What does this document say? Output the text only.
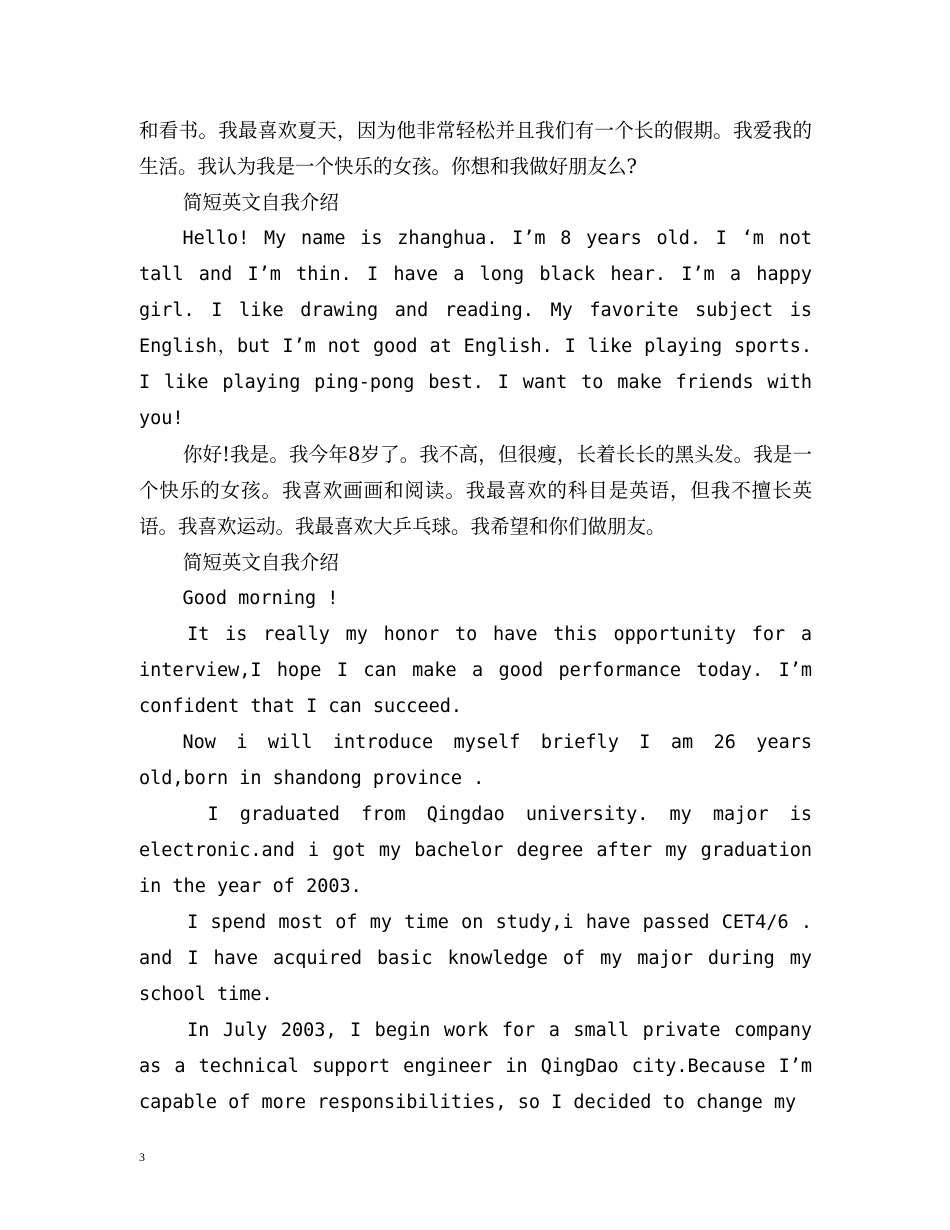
和看书。我最喜欢夏天，因为他非常轻松并且我们有一个长的假期。我爱我的生活。我认为我是一个快乐的女孩。你想和我做好朋友么?

简短英文自我介绍

Hello! My name is zhanghua. I’m 8 years old. I ‘m not tall and I’m thin. I have a long black hear. I’m a happy girl. I like drawing and reading. My favorite subject is English，but I’m not good at English. I like playing sports. I like playing ping-pong best. I want to make friends with you!

你好!我是。我今年8岁了。我不高，但很瘦，长着长长的黑头发。我是一个快乐的女孩。我喜欢画画和阅读。我最喜欢的科目是英语，但我不擅长英语。我喜欢运动。我最喜欢大乒乓球。我希望和你们做朋友。

简短英文自我介绍

Good morning !

It is really my honor to have this opportunity for a interview,I hope I can make a good performance today. I’m confident that I can succeed.

Now i will introduce myself briefly I am 26 years old,born in shandong province .

I graduated from Qingdao university. my major is electronic.and i got my bachelor degree after my graduation in the year of 2003.

I spend most of my time on study,i have passed CET4/6 . and I have acquired basic knowledge of my major during my school time.

In July 2003, I begin work for a small private company as a technical support engineer in QingDao city.Because I’m capable of more responsibilities, so I decided to change my

3
